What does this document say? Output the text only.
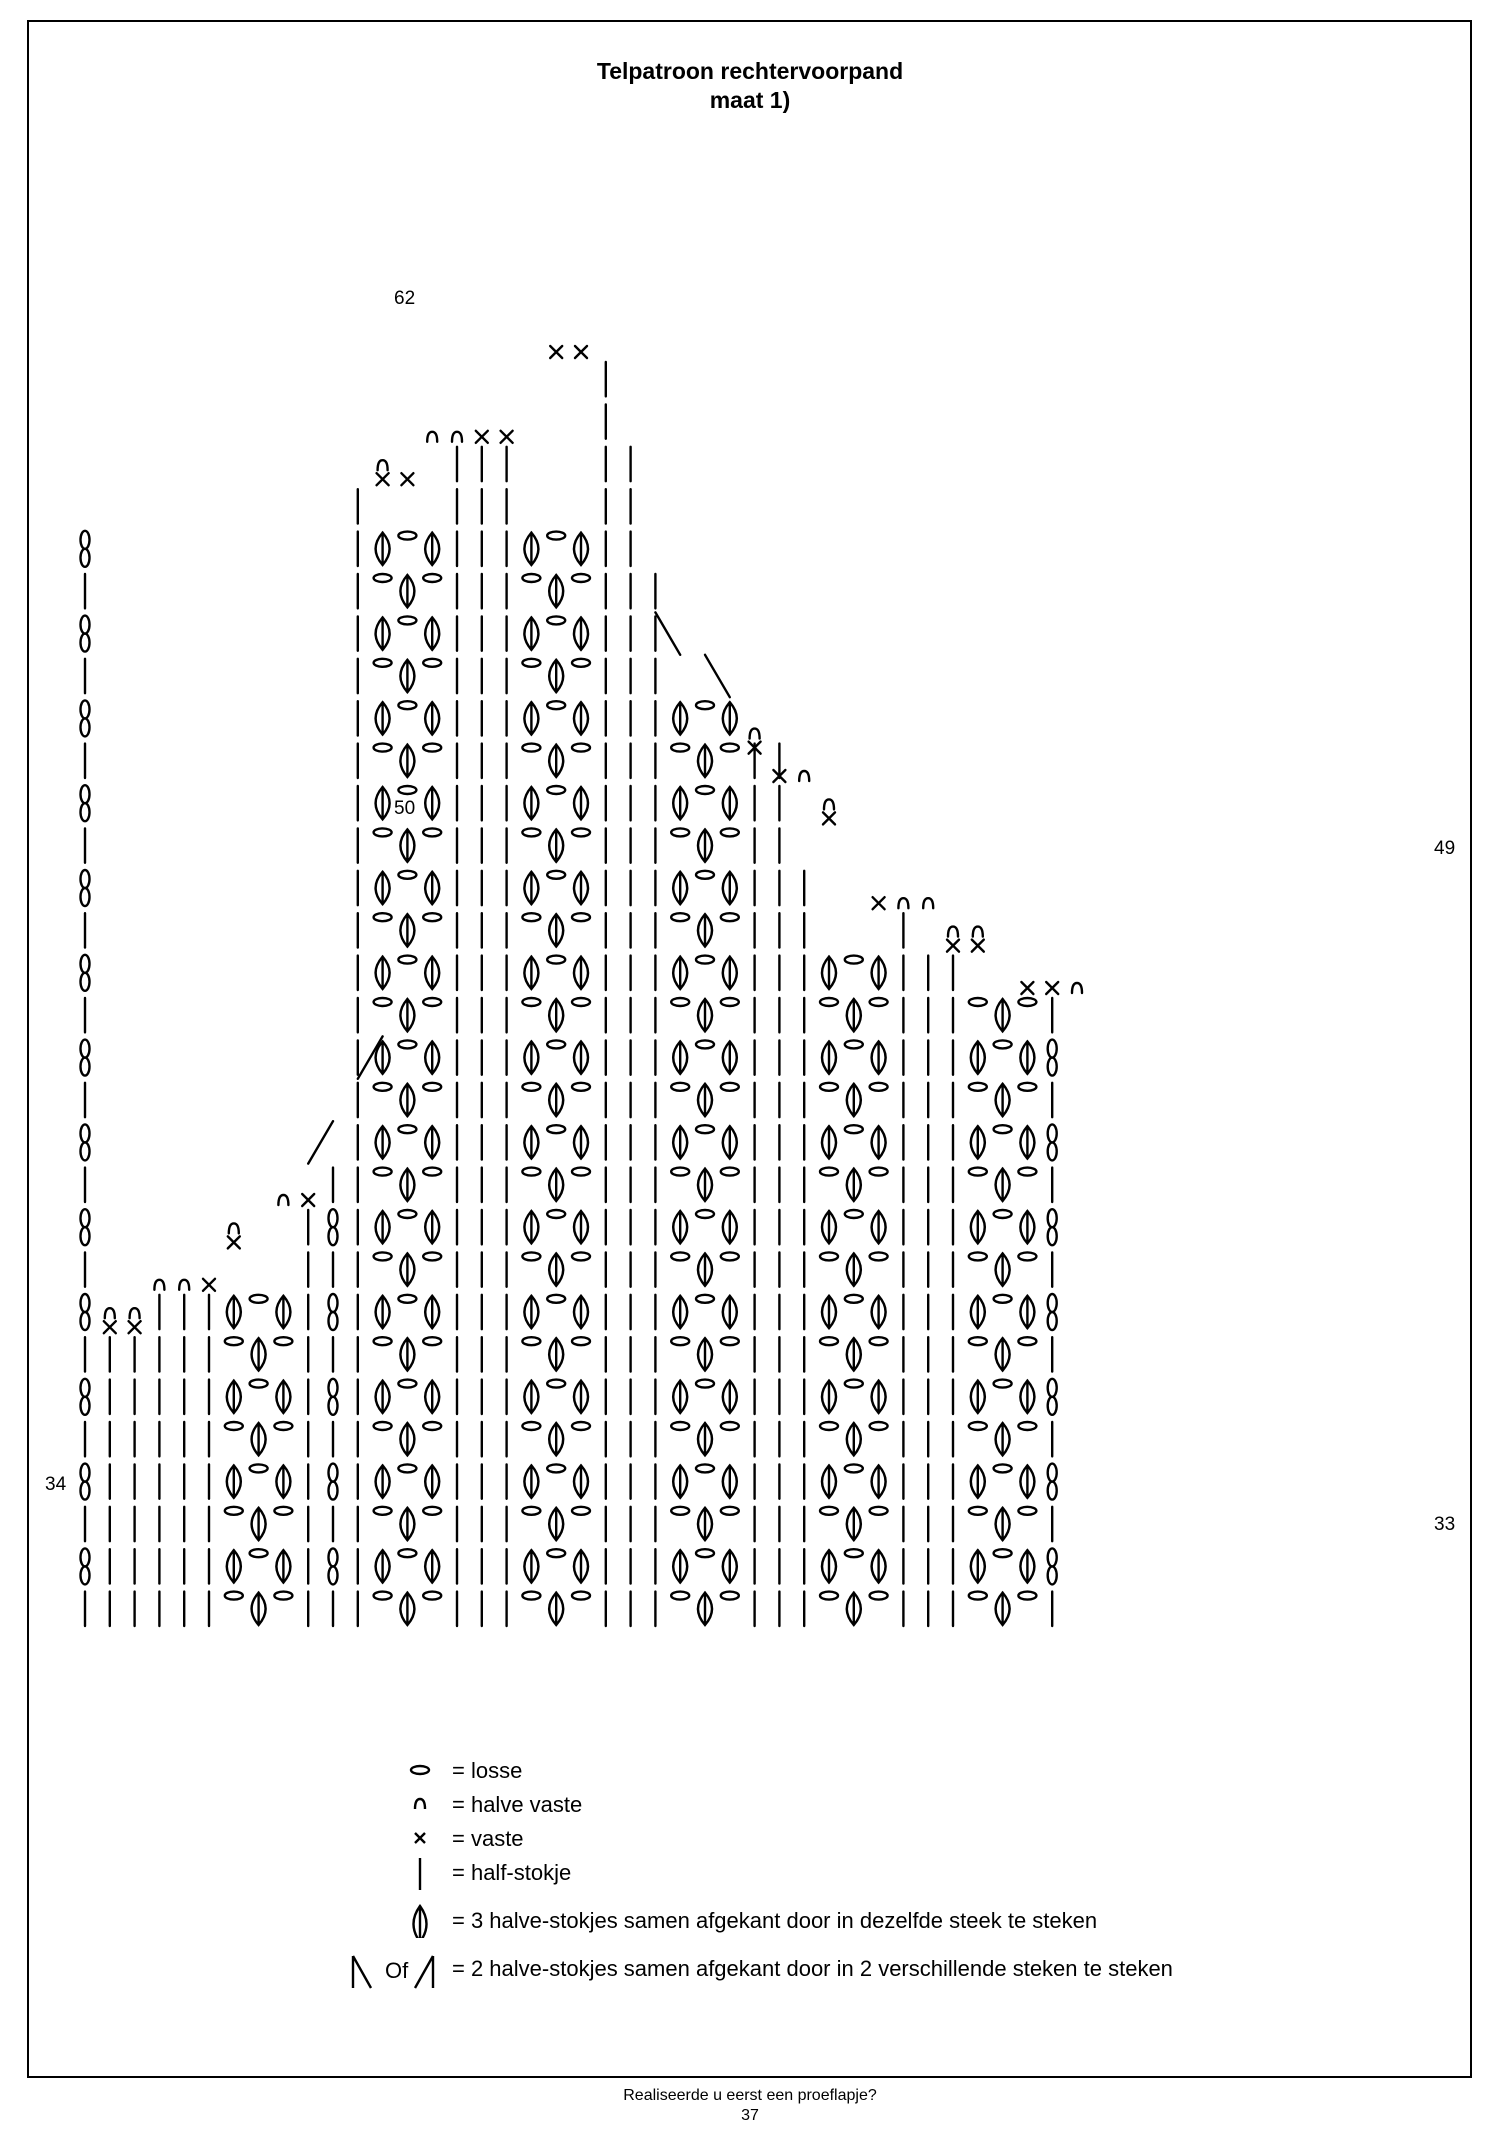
Telpatroon rechtervoorpand
maat 1)
62
50
49
34
33
= losse
= halve vaste
= vaste
= half-stokje
= 3 halve-stokjes samen afgekant door in dezelfde steek te steken
Of = 2 halve-stokjes samen afgekant door in 2 verschillende steken te steken
Realiseerde u eerst een proeflapje?
37
